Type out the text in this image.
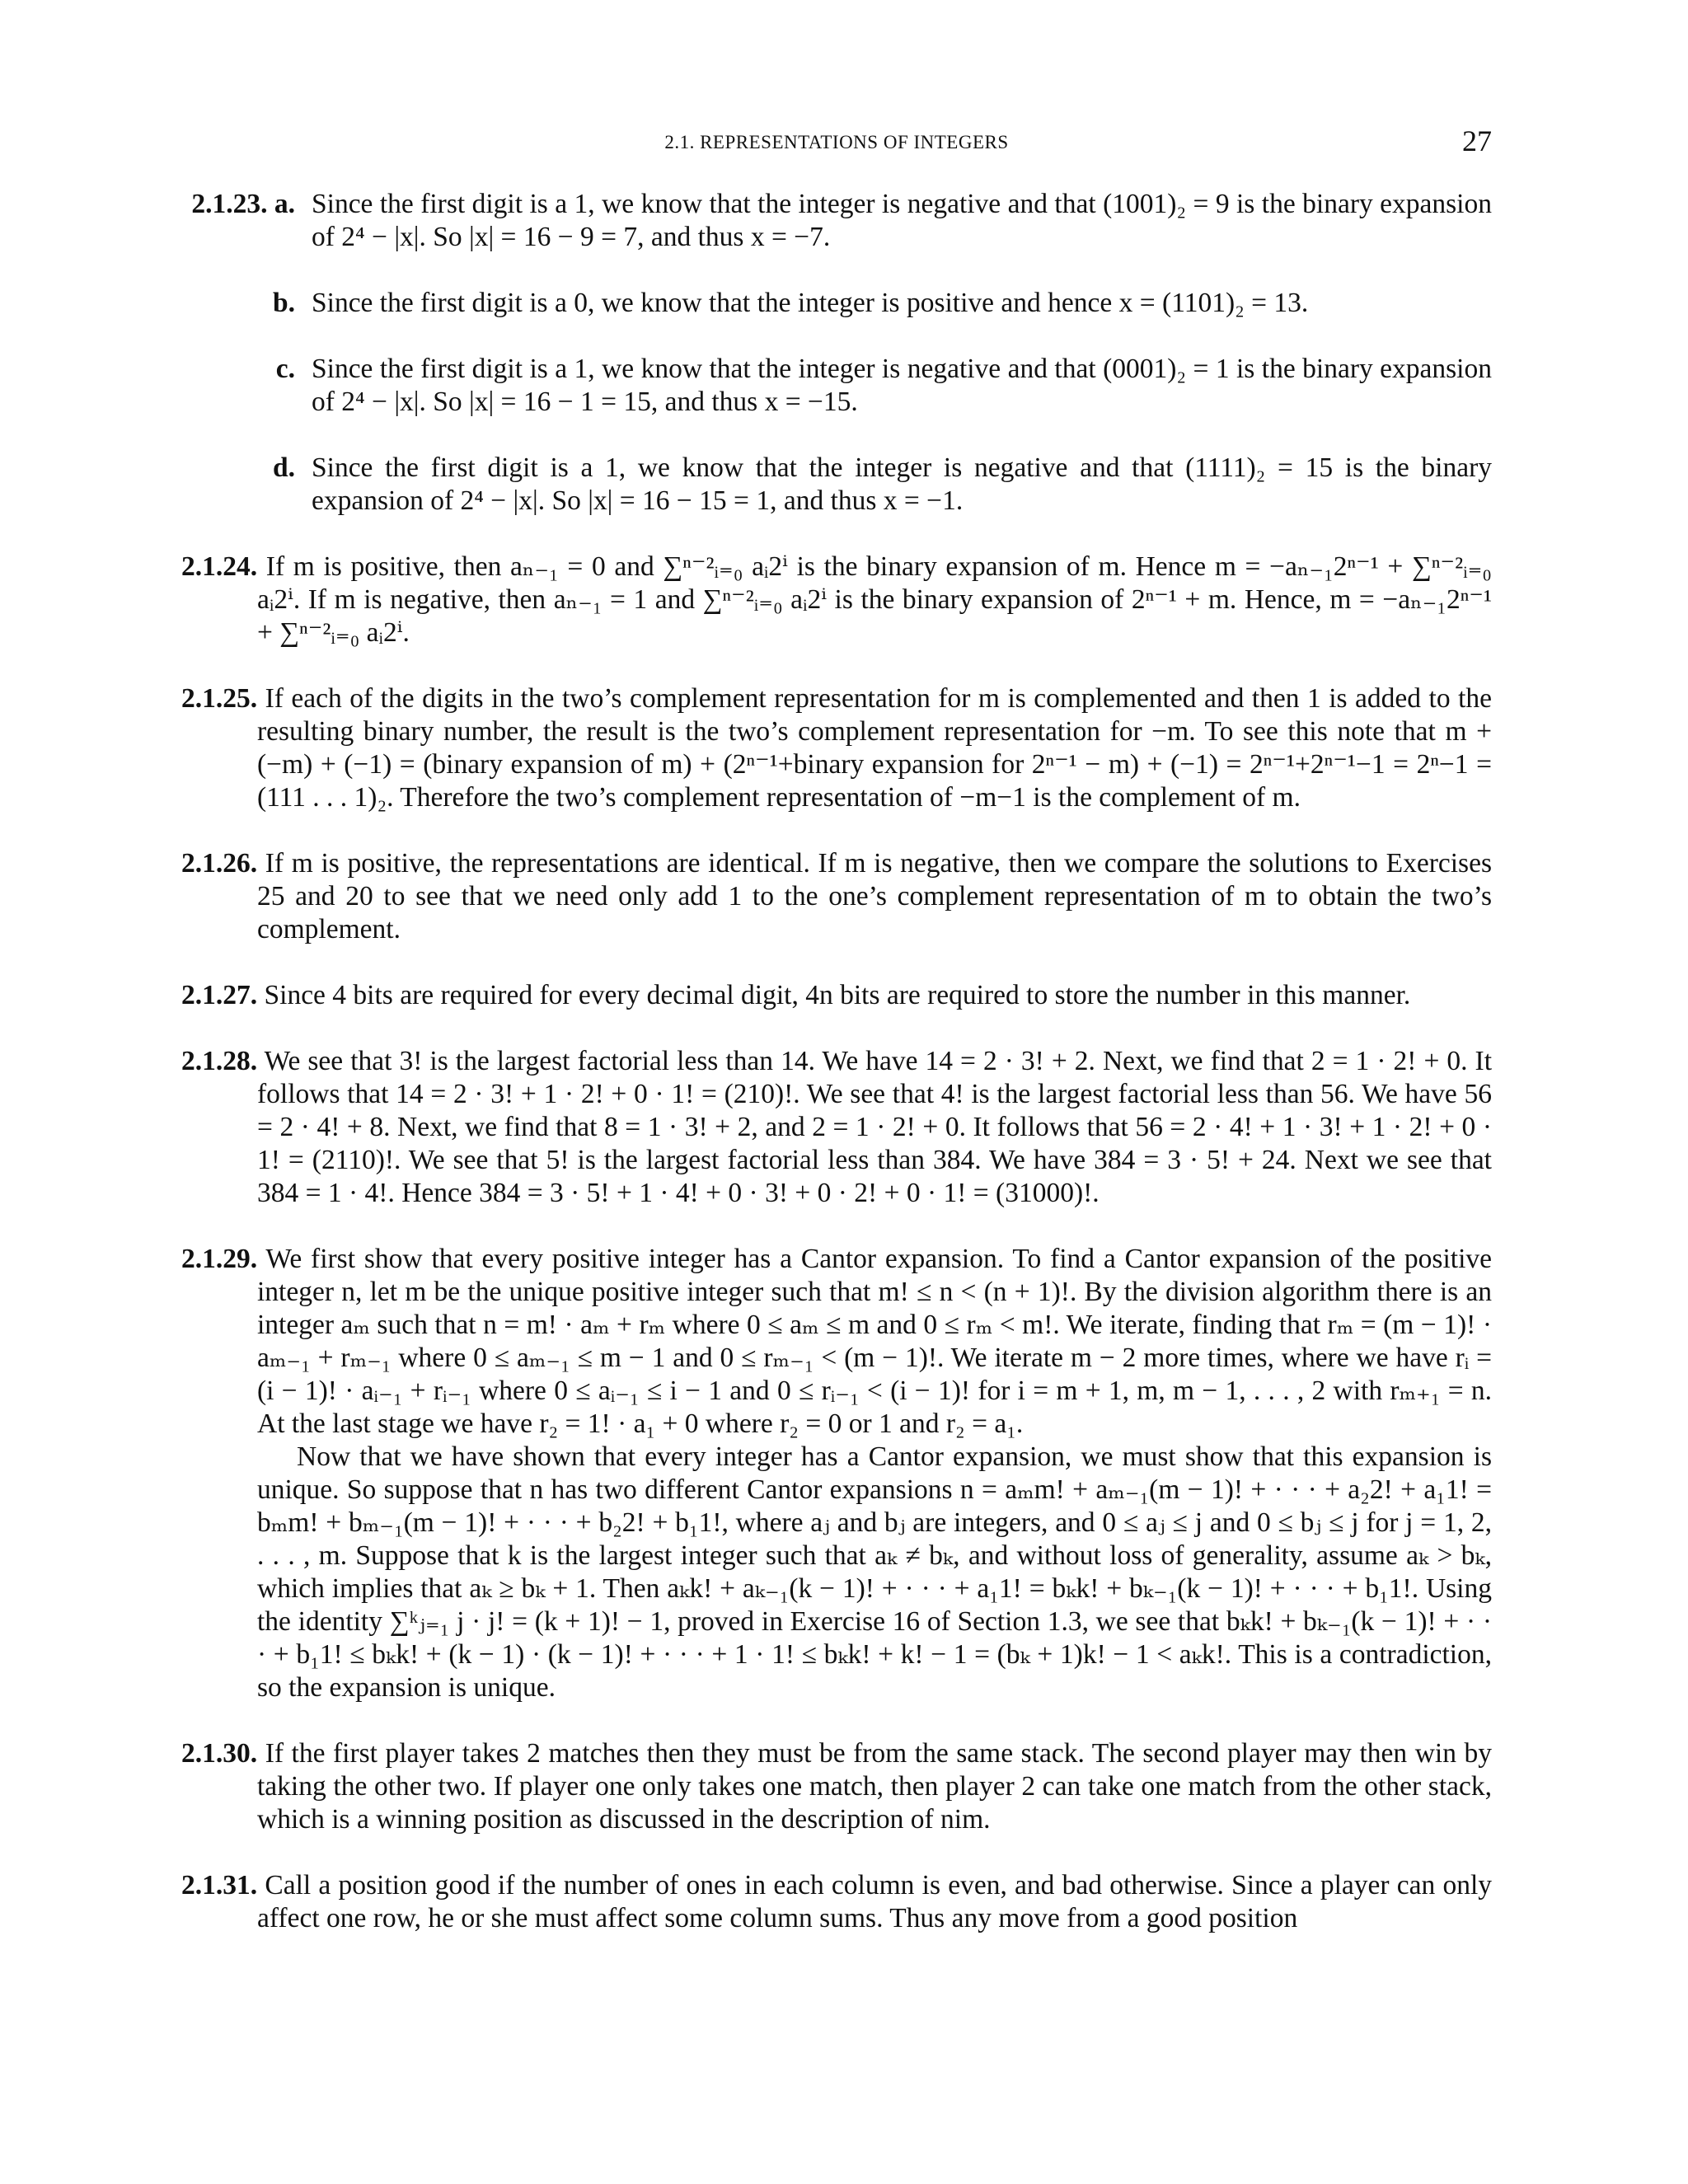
2.1. REPRESENTATIONS OF INTEGERS	27
2.1.23. a. Since the first digit is a 1, we know that the integer is negative and that (1001)₂ = 9 is the binary expansion of 2⁴ − |x|. So |x| = 16 − 9 = 7, and thus x = −7.
b. Since the first digit is a 0, we know that the integer is positive and hence x = (1101)₂ = 13.
c. Since the first digit is a 1, we know that the integer is negative and that (0001)₂ = 1 is the binary expansion of 2⁴ − |x|. So |x| = 16 − 1 = 15, and thus x = −15.
d. Since the first digit is a 1, we know that the integer is negative and that (1111)₂ = 15 is the binary expansion of 2⁴ − |x|. So |x| = 16 − 15 = 1, and thus x = −1.
2.1.24. If m is positive, then aₙ₋₁ = 0 and ∑ⁿ⁻²ᵢ₌₀ aᵢ2ⁱ is the binary expansion of m. Hence m = −aₙ₋₁2ⁿ⁻¹ + ∑ⁿ⁻²ᵢ₌₀ aᵢ2ⁱ. If m is negative, then aₙ₋₁ = 1 and ∑ⁿ⁻²ᵢ₌₀ aᵢ2ⁱ is the binary expansion of 2ⁿ⁻¹ + m. Hence, m = −aₙ₋₁2ⁿ⁻¹ + ∑ⁿ⁻²ᵢ₌₀ aᵢ2ⁱ.
2.1.25. If each of the digits in the two’s complement representation for m is complemented and then 1 is added to the resulting binary number, the result is the two’s complement representation for −m. To see this note that m + (−m) + (−1) = (binary expansion of m) + (2ⁿ⁻¹+binary expansion for 2ⁿ⁻¹ − m) + (−1) = 2ⁿ⁻¹+2ⁿ⁻¹−1 = 2ⁿ−1 = (111 . . . 1)₂. Therefore the two’s complement representation of −m−1 is the complement of m.
2.1.26. If m is positive, the representations are identical. If m is negative, then we compare the solutions to Exercises 25 and 20 to see that we need only add 1 to the one’s complement representation of m to obtain the two’s complement.
2.1.27. Since 4 bits are required for every decimal digit, 4n bits are required to store the number in this manner.
2.1.28. We see that 3! is the largest factorial less than 14. We have 14 = 2 · 3! + 2. Next, we find that 2 = 1 · 2! + 0. It follows that 14 = 2 · 3! + 1 · 2! + 0 · 1! = (210)!. We see that 4! is the largest factorial less than 56. We have 56 = 2 · 4! + 8. Next, we find that 8 = 1 · 3! + 2, and 2 = 1 · 2! + 0. It follows that 56 = 2 · 4! + 1 · 3! + 1 · 2! + 0 · 1! = (2110)!. We see that 5! is the largest factorial less than 384. We have 384 = 3 · 5! + 24. Next we see that 384 = 1 · 4!. Hence 384 = 3 · 5! + 1 · 4! + 0 · 3! + 0 · 2! + 0 · 1! = (31000)!.
2.1.29. We first show that every positive integer has a Cantor expansion. To find a Cantor expansion of the positive integer n, let m be the unique positive integer such that m! ≤ n < (n + 1)!. By the division algorithm there is an integer aₘ such that n = m! · aₘ + rₘ where 0 ≤ aₘ ≤ m and 0 ≤ rₘ < m!. We iterate, finding that rₘ = (m − 1)! · aₘ₋₁ + rₘ₋₁ where 0 ≤ aₘ₋₁ ≤ m − 1 and 0 ≤ rₘ₋₁ < (m − 1)!. We iterate m − 2 more times, where we have rᵢ = (i − 1)! · aᵢ₋₁ + rᵢ₋₁ where 0 ≤ aᵢ₋₁ ≤ i − 1 and 0 ≤ rᵢ₋₁ < (i − 1)! for i = m + 1, m, m − 1, . . . , 2 with rₘ₊₁ = n. At the last stage we have r₂ = 1! · a₁ + 0 where r₂ = 0 or 1 and r₂ = a₁.
Now that we have shown that every integer has a Cantor expansion, we must show that this expansion is unique. So suppose that n has two different Cantor expansions n = aₘm! + aₘ₋₁(m − 1)! + · · · + a₂2! + a₁1! = bₘm! + bₘ₋₁(m − 1)! + · · · + b₂2! + b₁1!, where aⱼ and bⱼ are integers, and 0 ≤ aⱼ ≤ j and 0 ≤ bⱼ ≤ j for j = 1, 2, . . . , m. Suppose that k is the largest integer such that aₖ ≠ bₖ, and without loss of generality, assume aₖ > bₖ, which implies that aₖ ≥ bₖ + 1. Then aₖk! + aₖ₋₁(k − 1)! + · · · + a₁1! = bₖk! + bₖ₋₁(k − 1)! + · · · + b₁1!. Using the identity ∑ᵏⱼ₌₁ j · j! = (k + 1)! − 1, proved in Exercise 16 of Section 1.3, we see that bₖk! + bₖ₋₁(k − 1)! + · · · + b₁1! ≤ bₖk! + (k − 1) · (k − 1)! + · · · + 1 · 1! ≤ bₖk! + k! − 1 = (bₖ + 1)k! − 1 < aₖk!. This is a contradiction, so the expansion is unique.
2.1.30. If the first player takes 2 matches then they must be from the same stack. The second player may then win by taking the other two. If player one only takes one match, then player 2 can take one match from the other stack, which is a winning position as discussed in the description of nim.
2.1.31. Call a position good if the number of ones in each column is even, and bad otherwise. Since a player can only affect one row, he or she must affect some column sums. Thus any move from a good position
